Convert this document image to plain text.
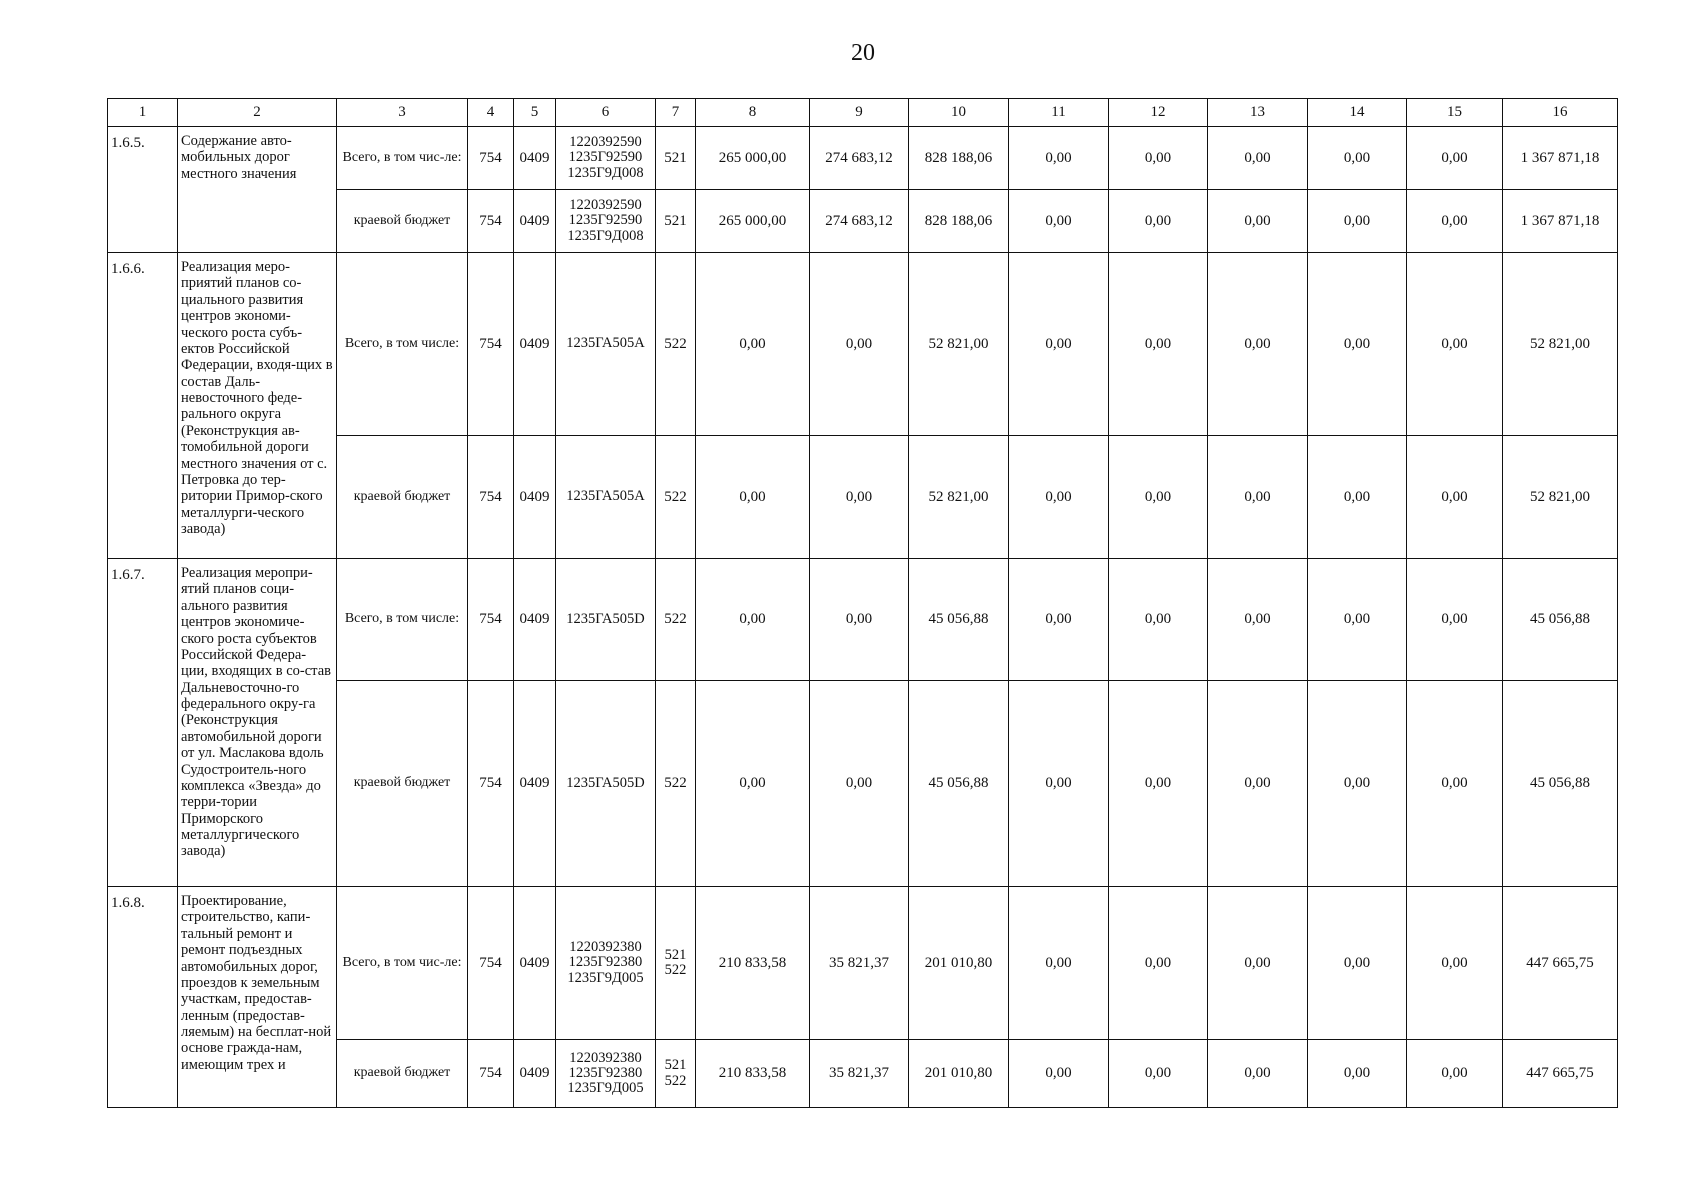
20
1	2	3	4	5	6	7	8	9	10	11	12	13	14	15	16
1.6.5.	Содержание авто-мобильных дорог местного значения	Всего, в том чис-ле:	754	0409	1220392590 1235Г92590 1235Г9Д008	521	265 000,00	274 683,12	828 188,06	0,00	0,00	0,00	0,00	0,00	1 367 871,18
		краевой бюджет	754	0409	1220392590 1235Г92590 1235Г9Д008	521	265 000,00	274 683,12	828 188,06	0,00	0,00	0,00	0,00	0,00	1 367 871,18
1.6.6.	Реализация меро-приятий планов со-циального развития центров экономи-ческого роста субъ-ектов Российской Федерации, входя-щих в состав Даль-невосточного феде-рального округа (Реконструкция ав-томобильной дороги местного значения от с. Петровка до тер-ритории Примор-ского металлурги-ческого завода)	Всего, в том числе:	754	0409	1235ГА505А	522	0,00	0,00	52 821,00	0,00	0,00	0,00	0,00	0,00	52 821,00
		краевой бюджет	754	0409	1235ГА505А	522	0,00	0,00	52 821,00	0,00	0,00	0,00	0,00	0,00	52 821,00
1.6.7.	Реализация меропри-ятий планов соци-ального развития центров экономиче-ского роста субъектов Российской Федера-ции, входящих в со-став Дальневосточно-го федерального окру-га (Реконструкция автомобильной дороги от ул. Маслакова вдоль Судостроитель-ного комплекса «Звезда» до терри-тории Приморского металлургического завода)	Всего, в том числе:	754	0409	1235ГА505D	522	0,00	0,00	45 056,88	0,00	0,00	0,00	0,00	0,00	45 056,88
		краевой бюджет	754	0409	1235ГА505D	522	0,00	0,00	45 056,88	0,00	0,00	0,00	0,00	0,00	45 056,88
1.6.8.	Проектирование, строительство, капи-тальный ремонт и ремонт подъездных автомобильных дорог, проездов к земельным участкам, предостав-ленным (предостав-ляемым) на бесплат-ной основе гражда-нам, имеющим трех и	Всего, в том чис-ле:	754	0409	1220392380 1235Г92380 1235Г9Д005	521 522	210 833,58	35 821,37	201 010,80	0,00	0,00	0,00	0,00	0,00	447 665,75
		краевой бюджет	754	0409	1220392380 1235Г92380 1235Г9Д005	521 522	210 833,58	35 821,37	201 010,80	0,00	0,00	0,00	0,00	0,00	447 665,75
